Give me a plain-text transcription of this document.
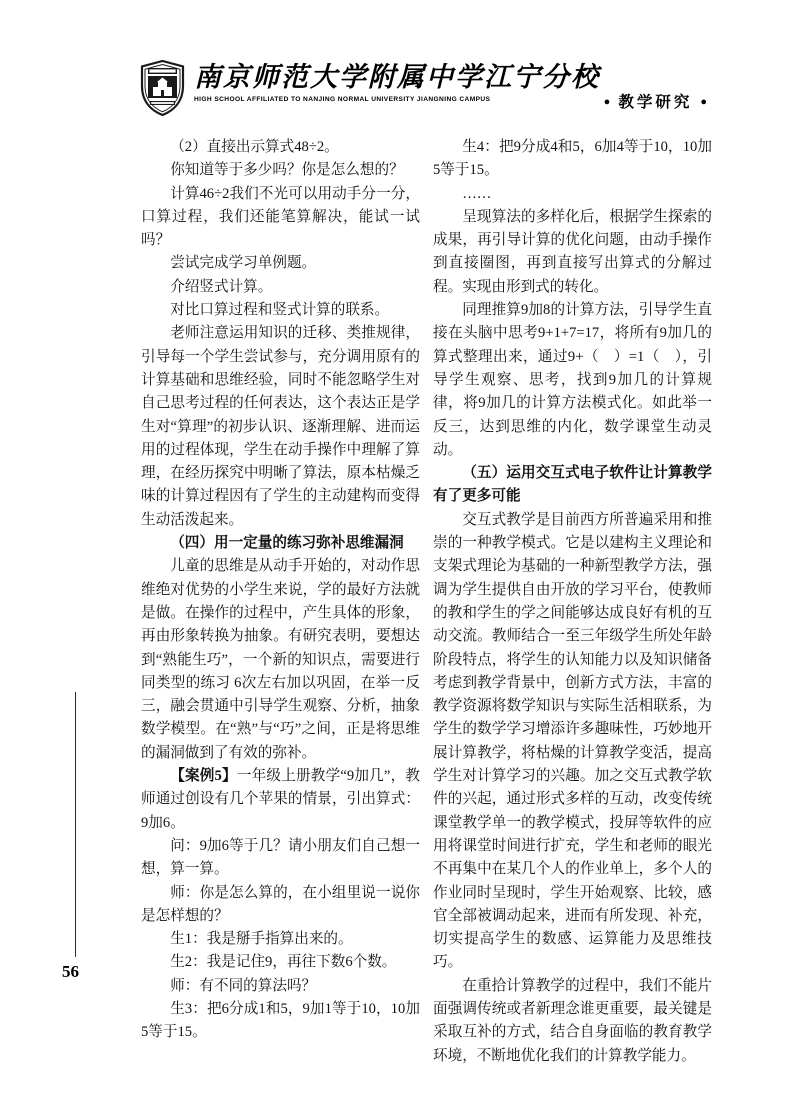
南京师范大学附属中学江宁分校
HIGH SCHOOL AFFILIATED TO NANJING NORMAL UNIVERSITY JIANGNING CAMPUS	● 教学研究 ●

（2）直接出示算式48÷2。

你知道等于多少吗？你是怎么想的？

计算46÷2我们不光可以用动手分一分，口算过程，我们还能笔算解决，能试一试吗？

尝试完成学习单例题。

介绍竖式计算。

对比口算过程和竖式计算的联系。

老师注意运用知识的迁移、类推规律，引导每一个学生尝试参与，充分调用原有的计算基础和思维经验，同时不能忽略学生对自己思考过程的任何表达，这个表达正是学生对“算理”的初步认识、逐渐理解、进而运用的过程体现，学生在动手操作中理解了算理，在经历探究中明晰了算法，原本枯燥乏味的计算过程因有了学生的主动建构而变得生动活泼起来。

（四）用一定量的练习弥补思维漏洞

儿童的思维是从动手开始的，对动作思维绝对优势的小学生来说，学的最好方法就是做。在操作的过程中，产生具体的形象，再由形象转换为抽象。有研究表明，要想达到“熟能生巧”，一个新的知识点，需要进行同类型的练习 6次左右加以巩固，在举一反三，融会贯通中引导学生观察、分析，抽象数学模型。在“熟”与“巧”之间，正是将思维的漏洞做到了有效的弥补。

【案例5】一年级上册教学“9加几”，教师通过创设有几个苹果的情景，引出算式：9加6。

问：9加6等于几？请小朋友们自己想一想，算一算。

师：你是怎么算的，在小组里说一说你是怎样想的？

生1：我是掰手指算出来的。

生2：我是记住9，再往下数6个数。

师：有不同的算法吗？

生3：把6分成1和5，9加1等于10，10加5等于15。

生4：把9分成4和5，6加4等于10，10加5等于15。

……

呈现算法的多样化后，根据学生探索的成果，再引导计算的优化问题，由动手操作到直接圈图，再到直接写出算式的分解过程。实现由形到式的转化。

同理推算9加8的计算方法，引导学生直接在头脑中思考9+1+7=17，将所有9加几的算式整理出来，通过9+（　）=1（　），引导学生观察、思考，找到9加几的计算规律，将9加几的计算方法模式化。如此举一反三，达到思维的内化，数学课堂生动灵动。

（五）运用交互式电子软件让计算教学有了更多可能

交互式教学是目前西方所普遍采用和推崇的一种教学模式。它是以建构主义理论和支架式理论为基础的一种新型教学方法，强调为学生提供自由开放的学习平台，使教师的教和学生的学之间能够达成良好有机的互动交流。教师结合一至三年级学生所处年龄阶段特点，将学生的认知能力以及知识储备考虑到教学背景中，创新方式方法，丰富的教学资源将数学知识与实际生活相联系，为学生的数学学习增添许多趣味性，巧妙地开展计算教学，将枯燥的计算教学变活，提高学生对计算学习的兴趣。加之交互式教学软件的兴起，通过形式多样的互动，改变传统课堂教学单一的教学模式，投屏等软件的应用将课堂时间进行扩充，学生和老师的眼光不再集中在某几个人的作业单上，多个人的作业同时呈现时，学生开始观察、比较，感官全部被调动起来，进而有所发现、补充，切实提高学生的数感、运算能力及思维技巧。

在重拾计算教学的过程中，我们不能片面强调传统或者新理念谁更重要，最关键是采取互补的方式，结合自身面临的教育教学环境，不断地优化我们的计算教学能力。

56
